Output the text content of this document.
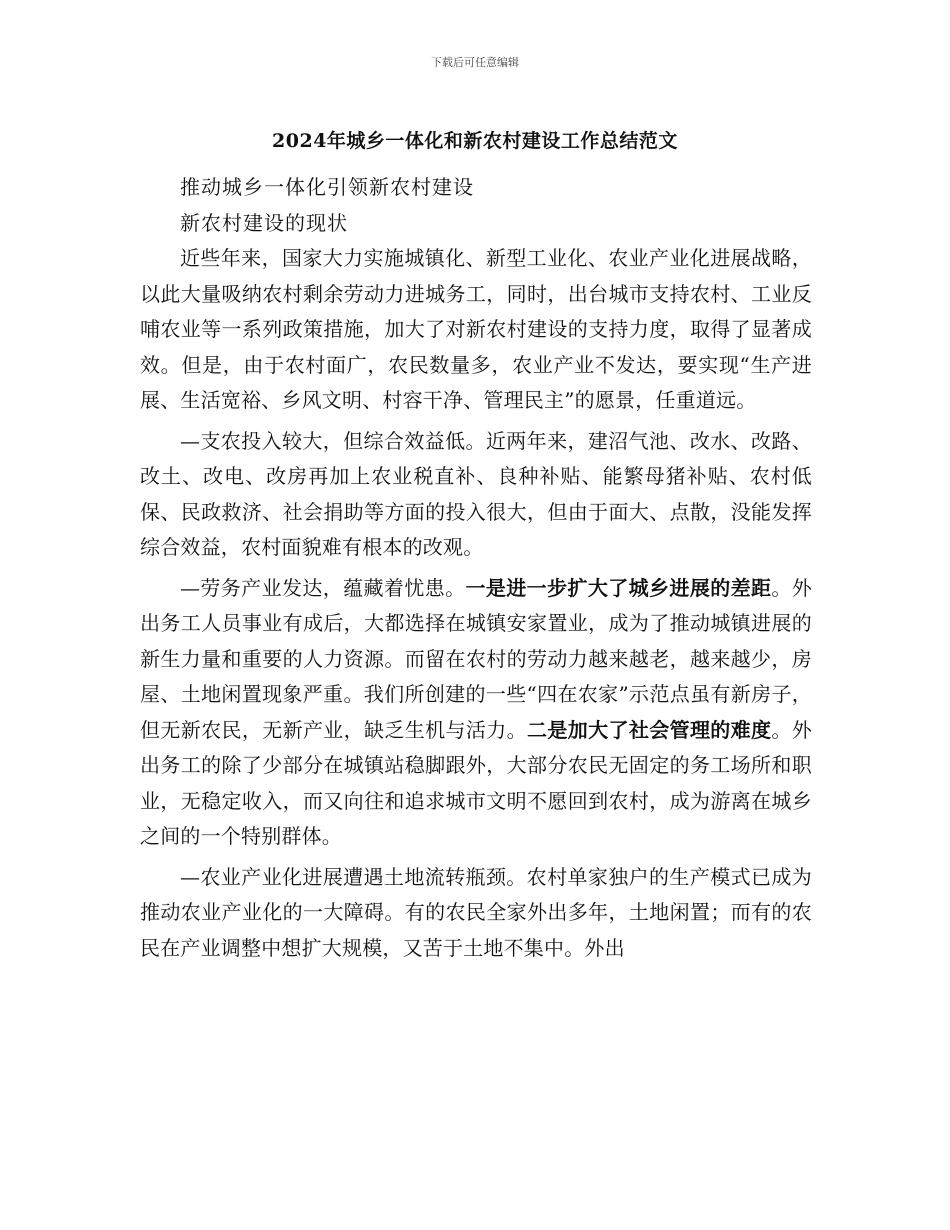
下载后可任意编辑
2024年城乡一体化和新农村建设工作总结范文

推动城乡一体化引领新农村建设

新农村建设的现状

近些年来，国家大力实施城镇化、新型工业化、农业产业化进展战略，以此大量吸纳农村剩余劳动力进城务工，同时，出台城市支持农村、工业反哺农业等一系列政策措施，加大了对新农村建设的支持力度，取得了显著成效。但是，由于农村面广，农民数量多，农业产业不发达，要实现“生产进展、生活宽裕、乡风文明、村容干净、管理民主”的愿景，任重道远。

—支农投入较大，但综合效益低。近两年来，建沼气池、改水、改路、改土、改电、改房再加上农业税直补、良种补贴、能繁母猪补贴、农村低保、民政救济、社会捐助等方面的投入很大，但由于面大、点散，没能发挥综合效益，农村面貌难有根本的改观。

—劳务产业发达，蕴藏着忧患。一是进一步扩大了城乡进展的差距。外出务工人员事业有成后，大都选择在城镇安家置业，成为了推动城镇进展的新生力量和重要的人力资源。而留在农村的劳动力越来越老，越来越少，房屋、土地闲置现象严重。我们所创建的一些“四在农家”示范点虽有新房子，但无新农民，无新产业，缺乏生机与活力。二是加大了社会管理的难度。外出务工的除了少部分在城镇站稳脚跟外，大部分农民无固定的务工场所和职业，无稳定收入，而又向往和追求城市文明不愿回到农村，成为游离在城乡之间的一个特别群体。

—农业产业化进展遭遇土地流转瓶颈。农村单家独户的生产模式已成为推动农业产业化的一大障碍。有的农民全家外出多年，土地闲置；而有的农民在产业调整中想扩大规模，又苦于土地不集中。外出
